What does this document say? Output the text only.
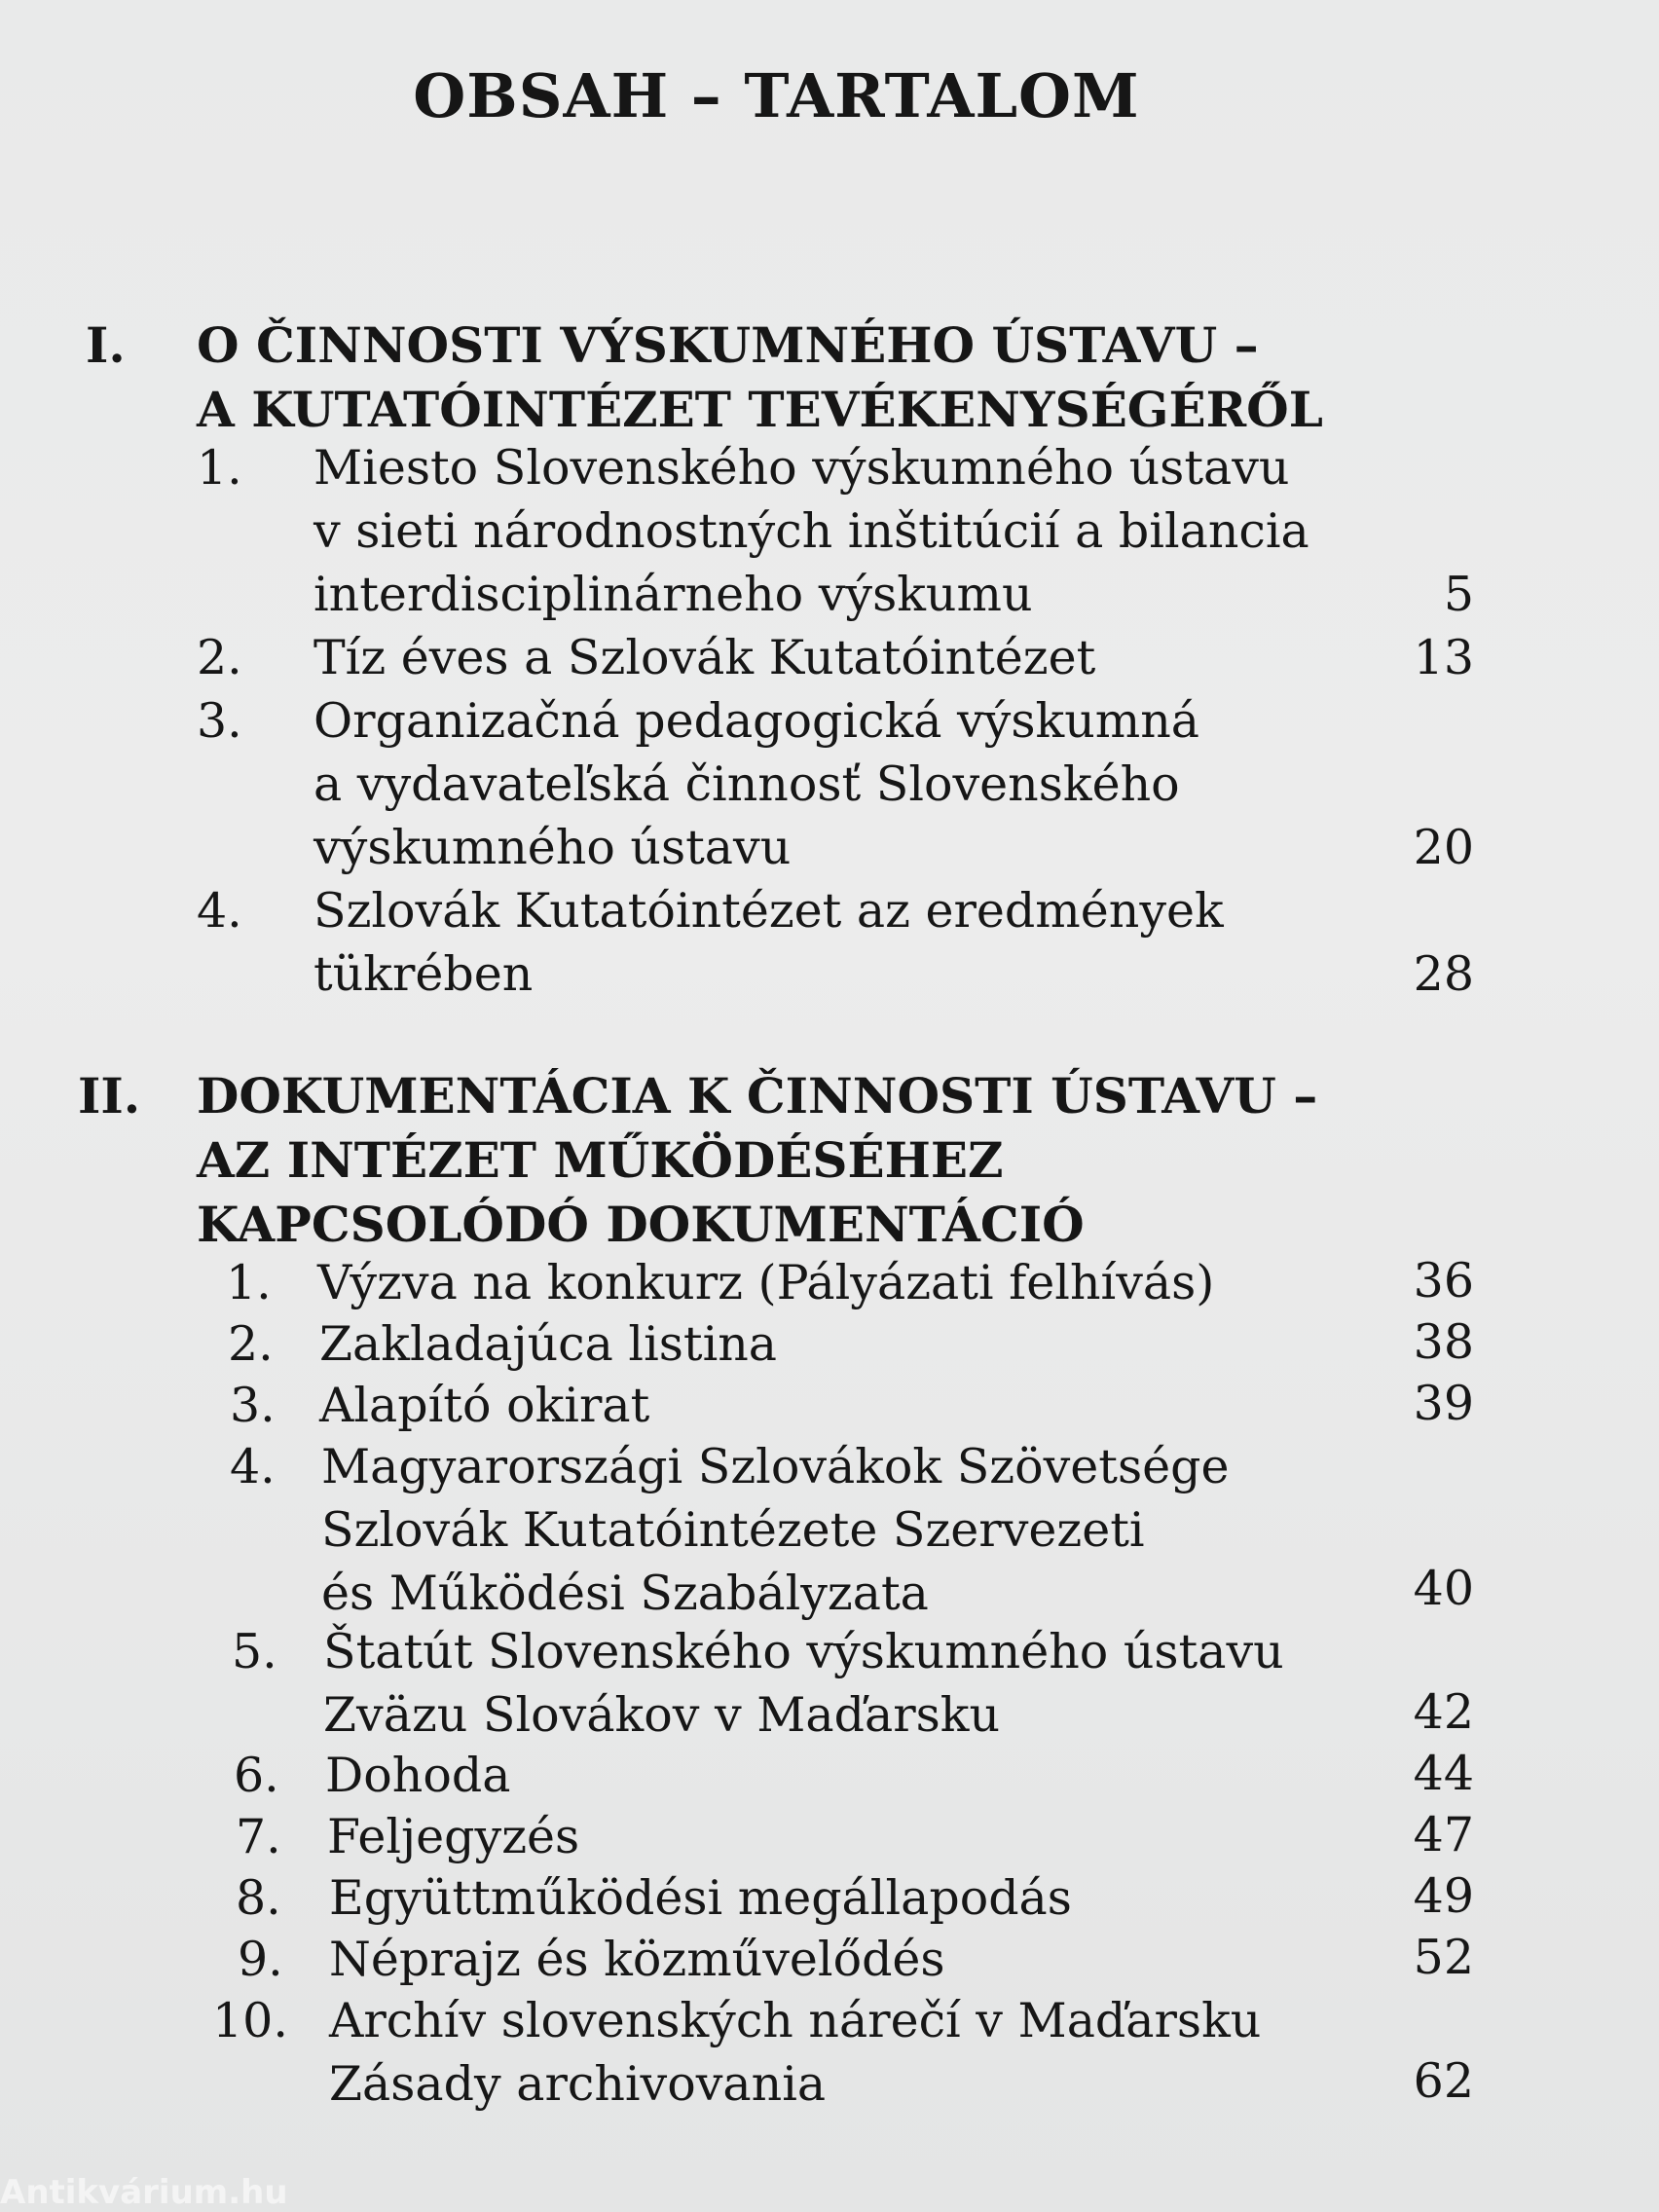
OBSAH – TARTALOM
I. O ČINNOSTI VÝSKUMNÉHO ÚSTAVU –
A KUTATÓINTÉZET TEVÉKENYSÉGÉRŐL
1. Miesto Slovenského výskumného ústavu
v sieti národnostných inštitúcií a bilancia
interdisciplinárneho výskumu	5
2. Tíz éves a Szlovák Kutatóintézet	13
3. Organizačná pedagogická výskumná
a vydavateľská činnosť Slovenského
výskumného ústavu	20
4. Szlovák Kutatóintézet az eredmények
tükrében	28
II. DOKUMENTÁCIA K ČINNOSTI ÚSTAVU –
AZ INTÉZET MŰKÖDÉSÉHEZ
KAPCSOLÓDÓ DOKUMENTÁCIÓ
1. Výzva na konkurz (Pályázati felhívás)	36
2. Zakladajúca listina	38
3. Alapító okirat	39
4. Magyarországi Szlovákok Szövetsége
Szlovák Kutatóintézete Szervezeti
és Működési Szabályzata	40
5. Štatút Slovenského výskumného ústavu
Zväzu Slovákov v Maďarsku	42
6. Dohoda	44
7. Feljegyzés	47
8. Együttműködési megállapodás	49
9. Néprajz és közművelődés	52
10. Archív slovenských nárečí v Maďarsku
Zásady archivovania	62
Antikvárium.hu
